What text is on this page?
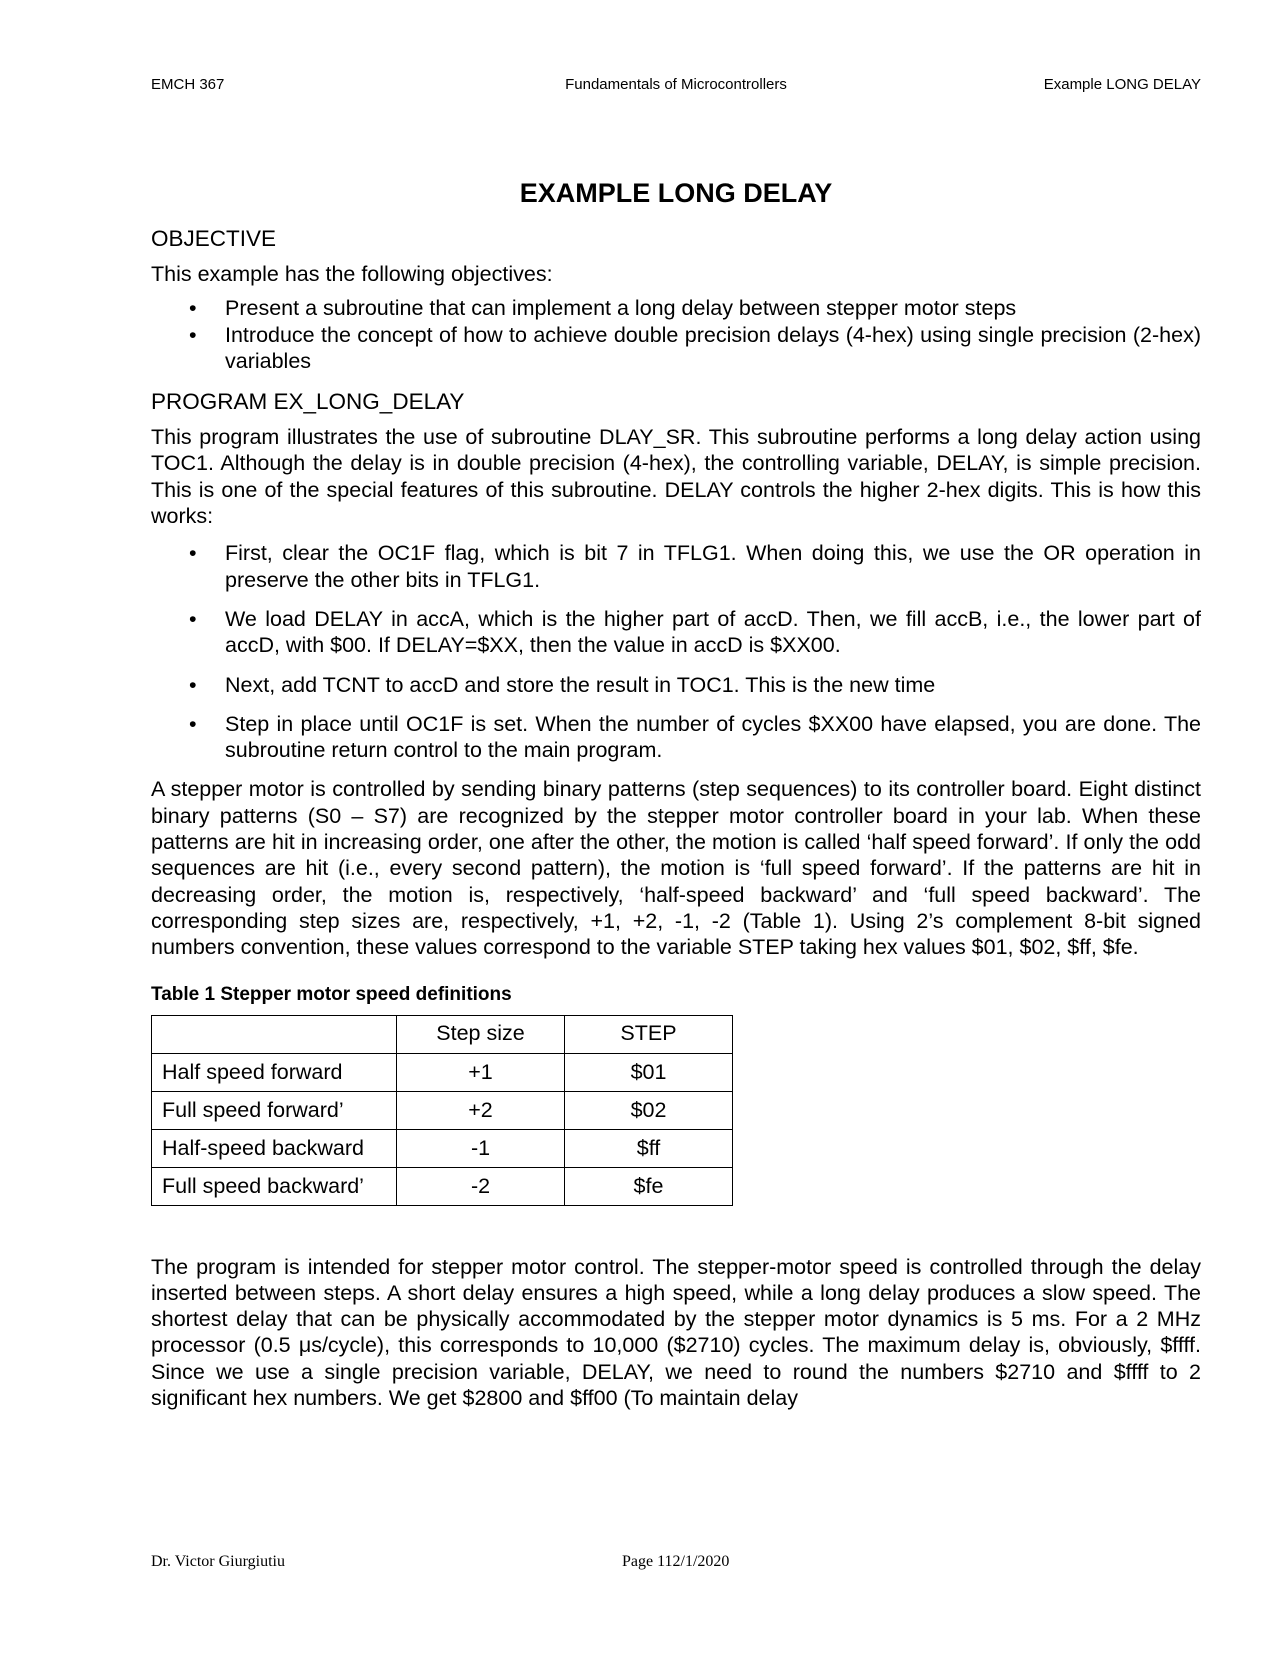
EMCH 367	Fundamentals of Microcontrollers	Example LONG DELAY
EXAMPLE LONG DELAY
OBJECTIVE

This example has the following objectives:

• Present a subroutine that can implement a long delay between stepper motor steps
• Introduce the concept of how to achieve double precision delays (4-hex) using single precision (2-hex) variables
PROGRAM EX_LONG_DELAY

This program illustrates the use of subroutine DLAY_SR. This subroutine performs a long delay action using TOC1. Although the delay is in double precision (4-hex), the controlling variable, DELAY, is simple precision. This is one of the special features of this subroutine. DELAY controls the higher 2-hex digits. This is how this works:

• First, clear the OC1F flag, which is bit 7 in TFLG1. When doing this, we use the OR operation in preserve the other bits in TFLG1.
• We load DELAY in accA, which is the higher part of accD. Then, we fill accB, i.e., the lower part of accD, with $00. If DELAY=$XX, then the value in accD is $XX00.
• Next, add TCNT to accD and store the result in TOC1. This is the new time
• Step in place until OC1F is set. When the number of cycles $XX00 have elapsed, you are done. The subroutine return control to the main program.

A stepper motor is controlled by sending binary patterns (step sequences) to its controller board. Eight distinct binary patterns (S0 – S7) are recognized by the stepper motor controller board in your lab. When these patterns are hit in increasing order, one after the other, the motion is called ‘half speed forward’. If only the odd sequences are hit (i.e., every second pattern), the motion is ‘full speed forward’. If the patterns are hit in decreasing order, the motion is, respectively, ‘half-speed backward’ and ‘full speed backward’. The corresponding step sizes are, respectively, +1, +2, -1, -2 (Table 1). Using 2’s complement 8-bit signed numbers convention, these values correspond to the variable STEP taking hex values $01, $02, $ff, $fe.

Table 1 Stepper motor speed definitions
	Step size	STEP
Half speed forward	+1	$01
Full speed forward’	+2	$02
Half-speed backward	-1	$ff
Full speed backward’	-2	$fe

The program is intended for stepper motor control. The stepper-motor speed is controlled through the delay inserted between steps. A short delay ensures a high speed, while a long delay produces a slow speed. The shortest delay that can be physically accommodated by the stepper motor dynamics is 5 ms. For a 2 MHz processor (0.5 μs/cycle), this corresponds to 10,000 ($2710) cycles. The maximum delay is, obviously, $ffff. Since we use a single precision variable, DELAY, we need to round the numbers $2710 and $ffff to 2 significant hex numbers. We get $2800 and $ff00 (To maintain delay

Dr. Victor Giurgiutiu	Page 112/1/2020
